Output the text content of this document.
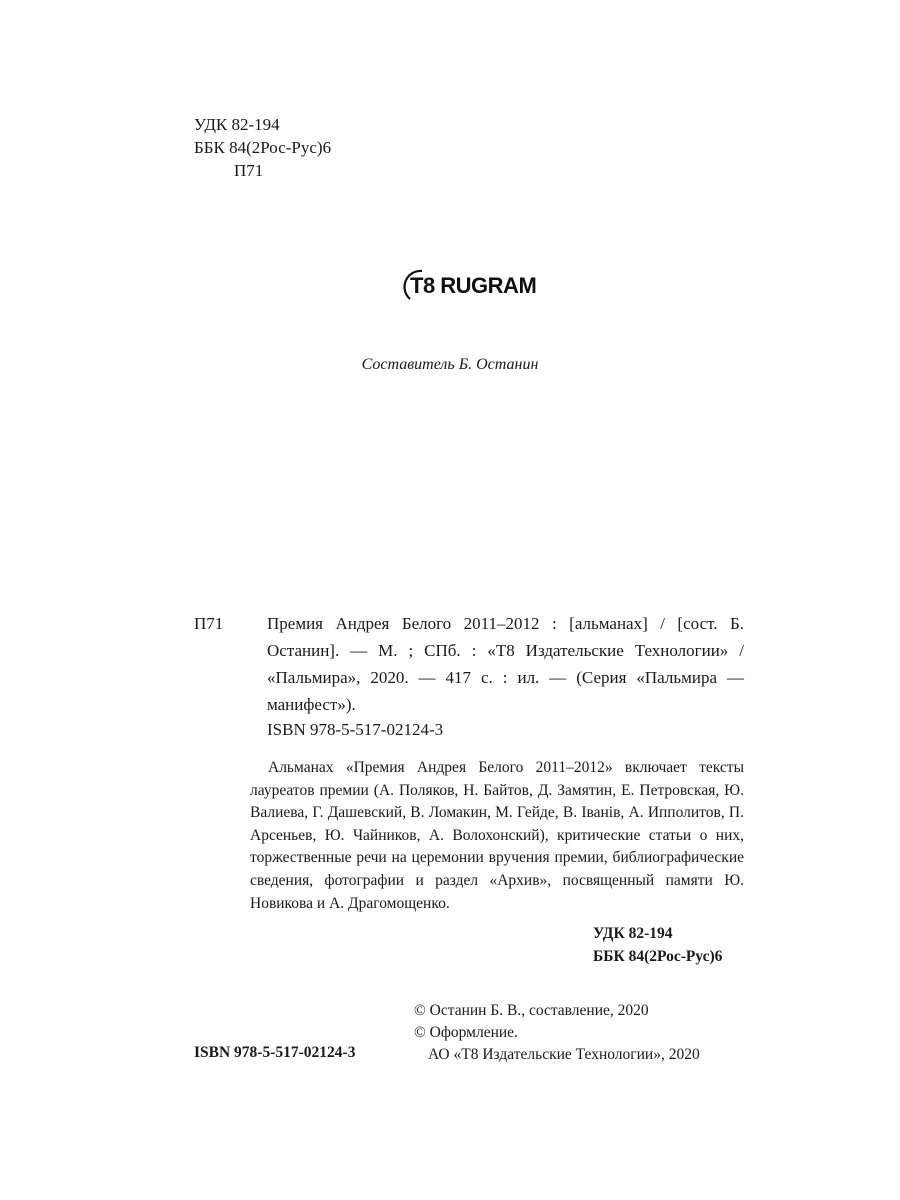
УДК 82-194
ББК 84(2Рос-Рус)6
П71
T8 RUGRAM
Составитель Б. Останин
П71	Премия Андрея Белого 2011–2012 : [альманах] / [сост. Б. Останин]. — М. ; СПб. : «Т8 Издательские Технологии» / «Пальмира», 2020. — 417 с. : ил. — (Серия «Пальмира — манифест»).
ISBN 978-5-517-02124-3
Альманах «Премия Андрея Белого 2011–2012» включает тексты лауреатов премии (А. Поляков, Н. Байтов, Д. Замятин, Е. Петровская, Ю. Валиева, Г. Дашевский, В. Ломакин, М. Гейде, В. Іванів, А. Ипполитов, П. Арсеньев, Ю. Чайников, А. Волохонский), критические статьи о них, торжественные речи на церемонии вручения премии, библиографические сведения, фотографии и раздел «Архив», посвященный памяти Ю. Новикова и А. Драгомощенко.
УДК 82-194
ББК 84(2Рос-Рус)6
© Останин Б. В., составление, 2020
© Оформление.
АО «Т8 Издательские Технологии», 2020
ISBN 978-5-517-02124-3
